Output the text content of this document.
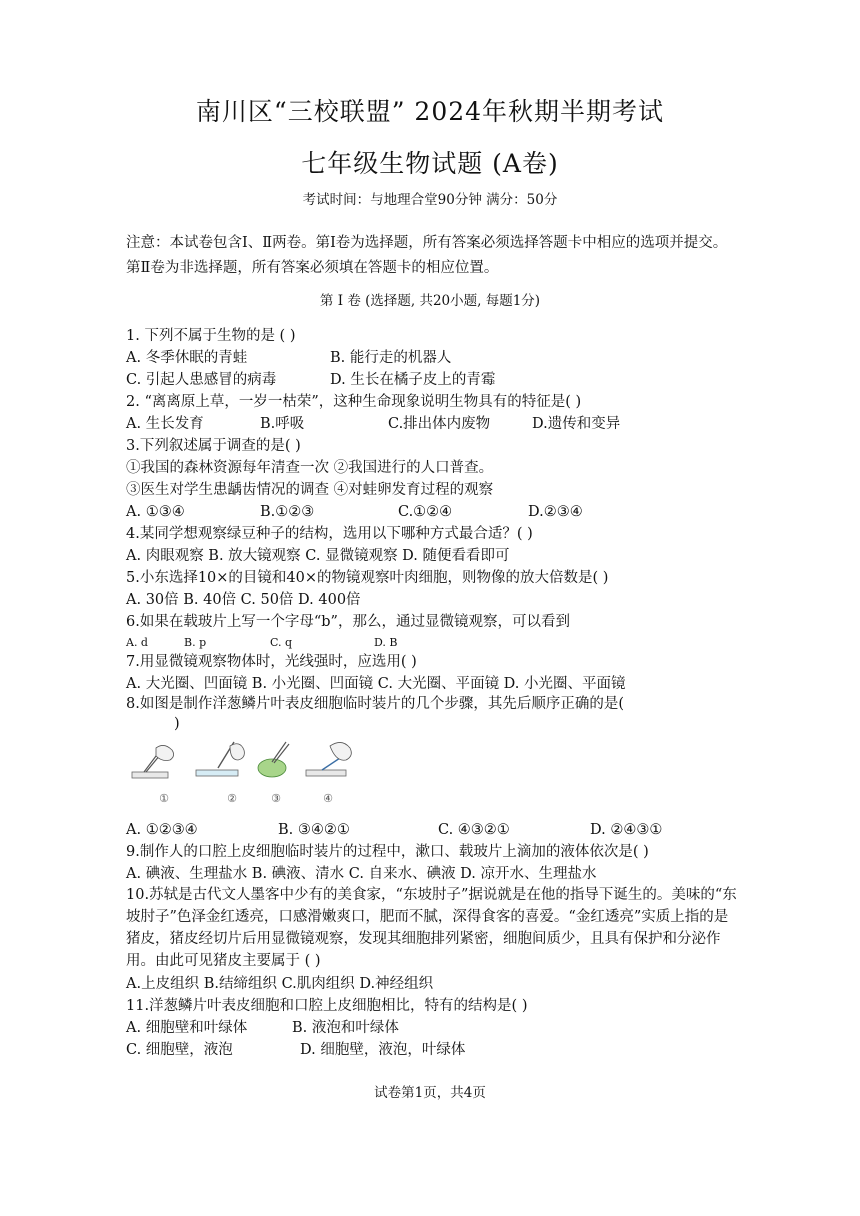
南川区“三校联盟” 2024年秋期半期考试
七年级生物试题 (A卷)
考试时间：与地理合堂90分钟 满分：50分
注意：本试卷包含Ⅰ、Ⅱ两卷。第Ⅰ卷为选择题，所有答案必须选择答题卡中相应的选项并提交。第Ⅱ卷为非选择题，所有答案必须填在答题卡的相应位置。
第 Ⅰ 卷 (选择题, 共20小题, 每题1分)
1. 下列不属于生物的是 ( )
A. 冬季休眠的青蛙	B. 能行走的机器人
C. 引起人患感冒的病毒	D. 生长在橘子皮上的青霉
2. “离离原上草，一岁一枯荣”，这种生命现象说明生物具有的特征是( )
A. 生长发育	B.呼吸	C.排出体内废物	D.遗传和变异
3.下列叙述属于调查的是( )
①我国的森林资源每年清查一次 ②我国进行的人口普查。
③医生对学生患龋齿情况的调查 ④对蛙卵发育过程的观察
A. ①③④	B.①②③	C.①②④	D.②③④
4.某同学想观察绿豆种子的结构，选用以下哪种方式最合适？( )
A. 肉眼观察 B. 放大镜观察 C. 显微镜观察 D. 随便看看即可
5.小东选择10×的目镜和40×的物镜观察叶肉细胞，则物像的放大倍数是( )
A. 30倍 B. 40倍 C. 50倍 D. 400倍
6.如果在载玻片上写一个字母“b”，那么，通过显微镜观察，可以看到
A. d	B. p	C. q	D. B
7.用显微镜观察物体时，光线强时，应选用( )
A. 大光圈、凹面镜 B. 小光圈、凹面镜 C. 大光圈、平面镜 D. 小光圈、平面镜
8.如图是制作洋葱鳞片叶表皮细胞临时装片的几个步骤，其先后顺序正确的是(
)
①	②	③	④
A. ①②③④	B. ③④②①	C. ④③②①	D. ②④③①
9.制作人的口腔上皮细胞临时装片的过程中，漱口、载玻片上滴加的液体依次是( )
A. 碘液、生理盐水 B. 碘液、清水 C. 自来水、碘液 D. 凉开水、生理盐水
10.苏轼是古代文人墨客中少有的美食家，“东坡肘子”据说就是在他的指导下诞生的。美味的“东坡肘子”色泽金红透亮，口感滑嫩爽口，肥而不腻，深得食客的喜爱。“金红透亮”实质上指的是猪皮，猪皮经切片后用显微镜观察，发现其细胞排列紧密，细胞间质少，且具有保护和分泌作用。由此可见猪皮主要属于 ( )
A.上皮组织 B.结缔组织 C.肌肉组织 D.神经组织
11.洋葱鳞片叶表皮细胞和口腔上皮细胞相比，特有的结构是( )
A. 细胞壁和叶绿体	B. 液泡和叶绿体
C. 细胞壁，液泡	D. 细胞壁，液泡，叶绿体
试卷第1页，共4页
